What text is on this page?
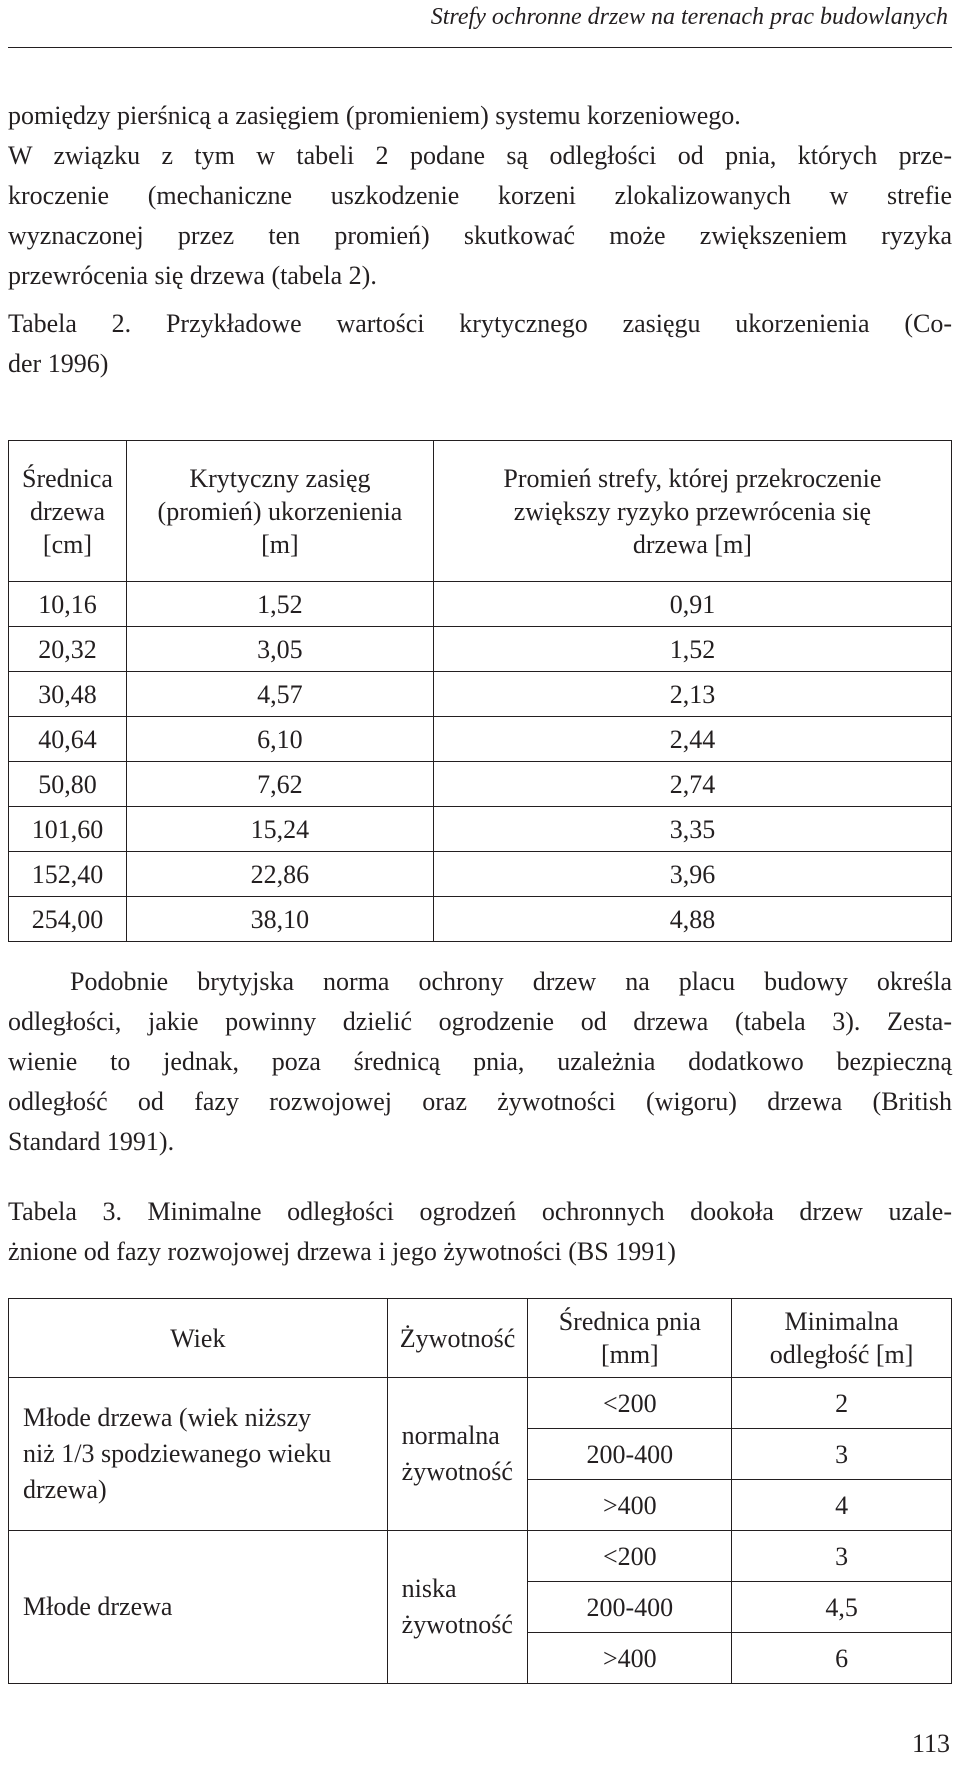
Strefy ochronne drzew na terenach prac budowlanych
pomiędzy pierśnicą a zasięgiem (promieniem) systemu korzeniowego.
W związku z tym w tabeli 2 podane są odległości od pnia, których prze-
kroczenie (mechaniczne uszkodzenie korzeni zlokalizowanych w strefie
wyznaczonej przez ten promień) skutkować może zwiększeniem ryzyka
przewrócenia się drzewa (tabela 2).
Tabela 2. Przykładowe wartości krytycznego zasięgu ukorzenienia (Co-
der 1996)
Średnica
drzewa
[cm]	Krytyczny zasięg
(promień) ukorzenienia
[m]	Promień strefy, której przekroczenie
zwiększy ryzyko przewrócenia się
drzewa [m]

10,16	1,52	0,91
20,32	3,05	1,52
30,48	4,57	2,13
40,64	6,10	2,44
50,80	7,62	2,74
101,60	15,24	3,35
152,40	22,86	3,96
254,00	38,10	4,88
Podobnie brytyjska norma ochrony drzew na placu budowy określa
odległości, jakie powinny dzielić ogrodzenie od drzewa (tabela 3). Zesta-
wienie to jednak, poza średnicą pnia, uzależnia dodatkowo bezpieczną
odległość od fazy rozwojowej oraz żywotności (wigoru) drzewa (British
Standard 1991).
Tabela 3. Minimalne odległości ogrodzeń ochronnych dookoła drzew uzale-
żnione od fazy rozwojowej drzewa i jego żywotności (BS 1991)
Wiek	Żywotność	Średnica pnia
[mm]	Minimalna
odległość [m]

Młode drzewa (wiek niższy
niż 1/3 spodziewanego wieku
drzewa)	normalna
żywotność	<200	2
		200-400	3
		>400	4

Młode drzewa	niska
żywotność	<200	3
		200-400	4,5
		>400	6
113
